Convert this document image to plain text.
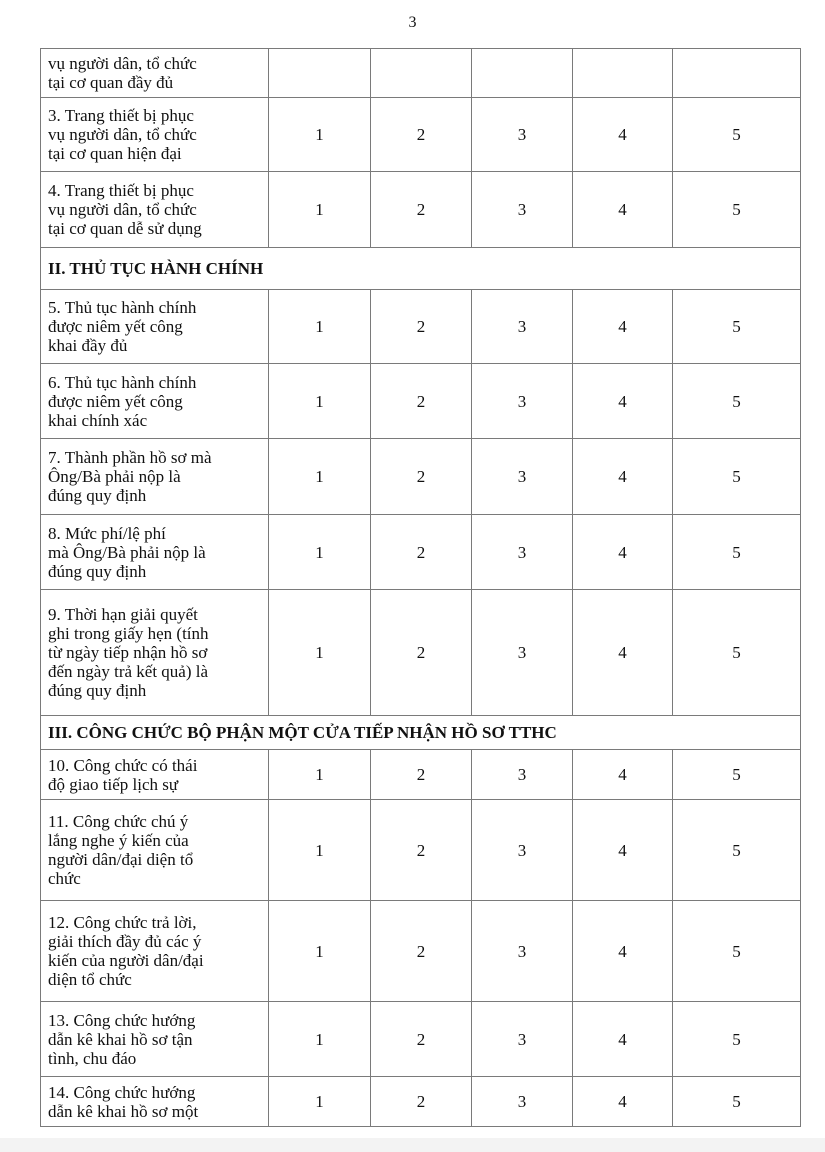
3
vụ người dân, tổ chức
tại cơ quan đầy đủ					

3. Trang thiết bị phục
vụ người dân, tổ chức
tại cơ quan hiện đại	1	2	3	4	5

4. Trang thiết bị phục
vụ người dân, tổ chức
tại cơ quan dễ sử dụng	1	2	3	4	5
II. THỦ TỤC HÀNH CHÍNH					

5. Thủ tục hành chính
được niêm yết công
khai đầy đủ	1	2	3	4	5

6. Thủ tục hành chính
được niêm yết công
khai chính xác	1	2	3	4	5

7. Thành phần hồ sơ mà
Ông/Bà phải nộp là
đúng quy định	1	2	3	4	5

8. Mức phí/lệ phí
mà Ông/Bà phải nộp là
đúng quy định	1	2	3	4	5

9. Thời hạn giải quyết
ghi trong giấy hẹn (tính
từ ngày tiếp nhận hồ sơ
đến ngày trả kết quả) là
đúng quy định	1	2	3	4	5
III. CÔNG CHỨC BỘ PHẬN MỘT CỬA TIẾP NHẬN HỒ SƠ TTHC					

10. Công chức có thái
độ giao tiếp lịch sự	1	2	3	4	5

11. Công chức chú ý
lắng nghe ý kiến của
người dân/đại diện tổ
chức	1	2	3	4	5

12. Công chức trả lời,
giải thích đầy đủ các ý
kiến của người dân/đại
diện tổ chức	1	2	3	4	5

13. Công chức hướng
dẫn kê khai hồ sơ tận
tình, chu đáo	1	2	3	4	5

14. Công chức hướng
dẫn kê khai hồ sơ một	1	2	3	4	5
